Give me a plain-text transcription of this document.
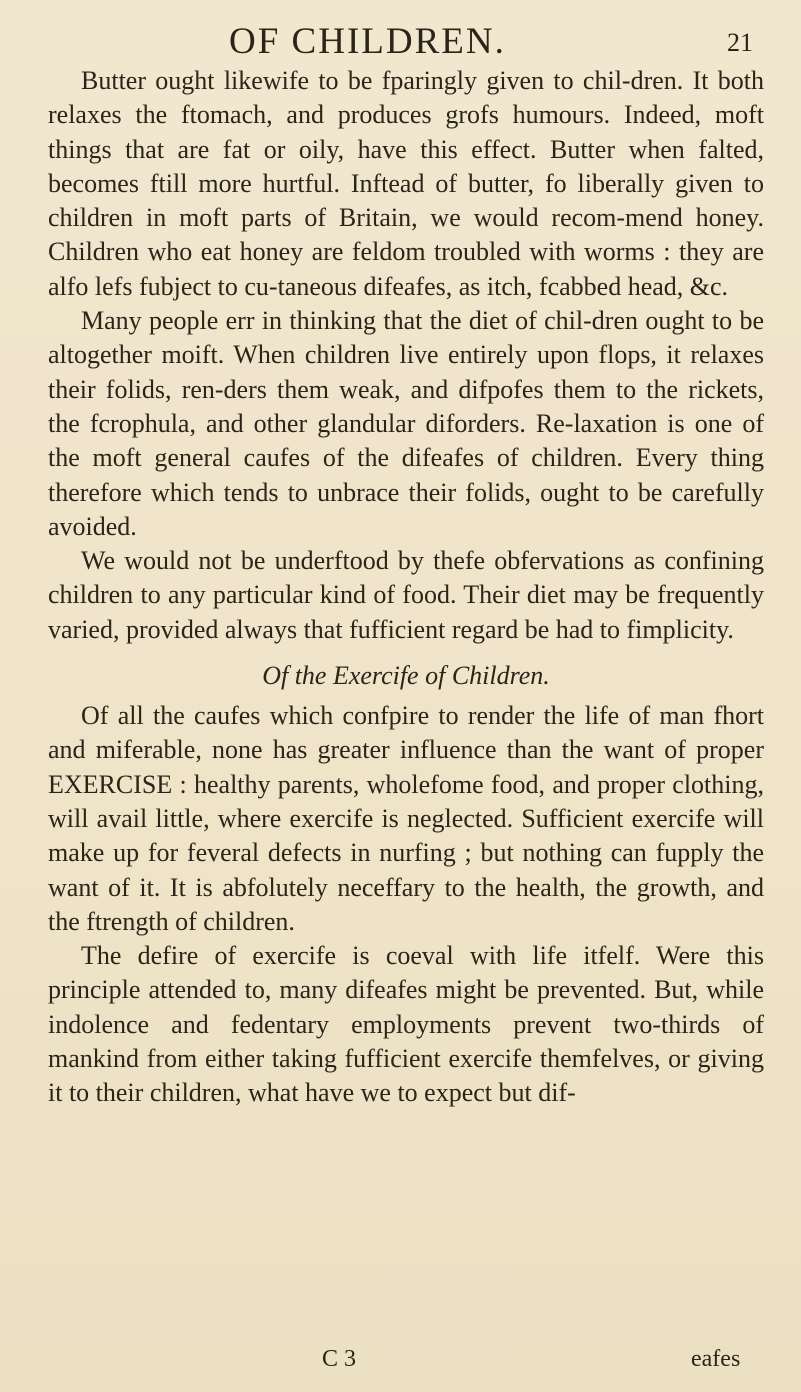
OF CHILDREN.	21

Butter ought likewife to be fparingly given to chil-dren. It both relaxes the ftomach, and produces grofs humours. Indeed, moft things that are fat or oily, have this effect. Butter when falted, becomes ftill more hurtful. Inftead of butter, fo liberally given to children in moft parts of Britain, we would recom-mend honey. Children who eat honey are feldom troubled with worms : they are alfo lefs fubject to cu-taneous difeafes, as itch, fcabbed head, &c.

Many people err in thinking that the diet of chil-dren ought to be altogether moift. When children live entirely upon flops, it relaxes their folids, ren-ders them weak, and difpofes them to the rickets, the fcrophula, and other glandular diforders. Re-laxation is one of the moft general caufes of the difeafes of children. Every thing therefore which tends to unbrace their folids, ought to be carefully avoided.

We would not be underftood by thefe obfervations as confining children to any particular kind of food. Their diet may be frequently varied, provided always that fufficient regard be had to fimplicity.

Of the Exercife of Children.

Of all the caufes which confpire to render the life of man fhort and miferable, none has greater influence than the want of proper EXERCISE : healthy parents, wholefome food, and proper clothing, will avail little, where exercife is neglected. Sufficient exercife will make up for feveral defects in nurfing ; but nothing can fupply the want of it. It is abfolutely neceffary to the health, the growth, and the ftrength of children.

The defire of exercife is coeval with life itfelf. Were this principle attended to, many difeafes might be prevented. But, while indolence and fedentary employments prevent two-thirds of mankind from either taking fufficient exercife themfelves, or giving it to their children, what have we to expect but dif-

C 3	eafes
